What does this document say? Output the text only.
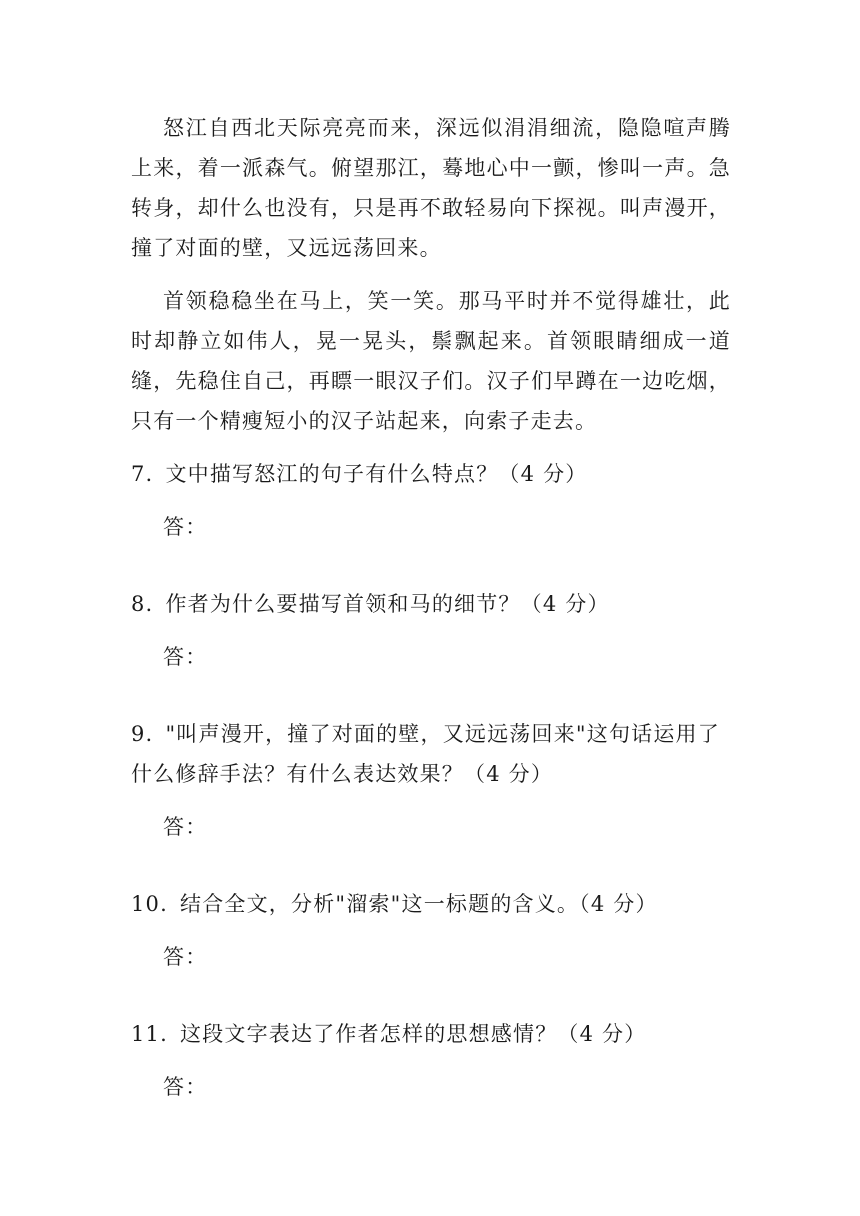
怒江自西北天际亮亮而来，深远似涓涓细流，隐隐喧声腾上来，着一派森气。俯望那江，蓦地心中一颤，惨叫一声。急转身，却什么也没有，只是再不敢轻易向下探视。叫声漫开，撞了对面的壁，又远远荡回来。

首领稳稳坐在马上，笑一笑。那马平时并不觉得雄壮，此时却静立如伟人，晃一晃头，鬃飘起来。首领眼睛细成一道缝，先稳住自己，再瞟一眼汉子们。汉子们早蹲在一边吃烟，只有一个精瘦短小的汉子站起来，向索子走去。

7. 文中描写怒江的句子有什么特点？（4 分）

答：

8. 作者为什么要描写首领和马的细节？（4 分）

答：

9. "叫声漫开，撞了对面的壁，又远远荡回来"这句话运用了什么修辞手法？有什么表达效果？（4 分）

答：

10. 结合全文，分析"溜索"这一标题的含义。（4 分）

答：

11. 这段文字表达了作者怎样的思想感情？（4 分）

答：
